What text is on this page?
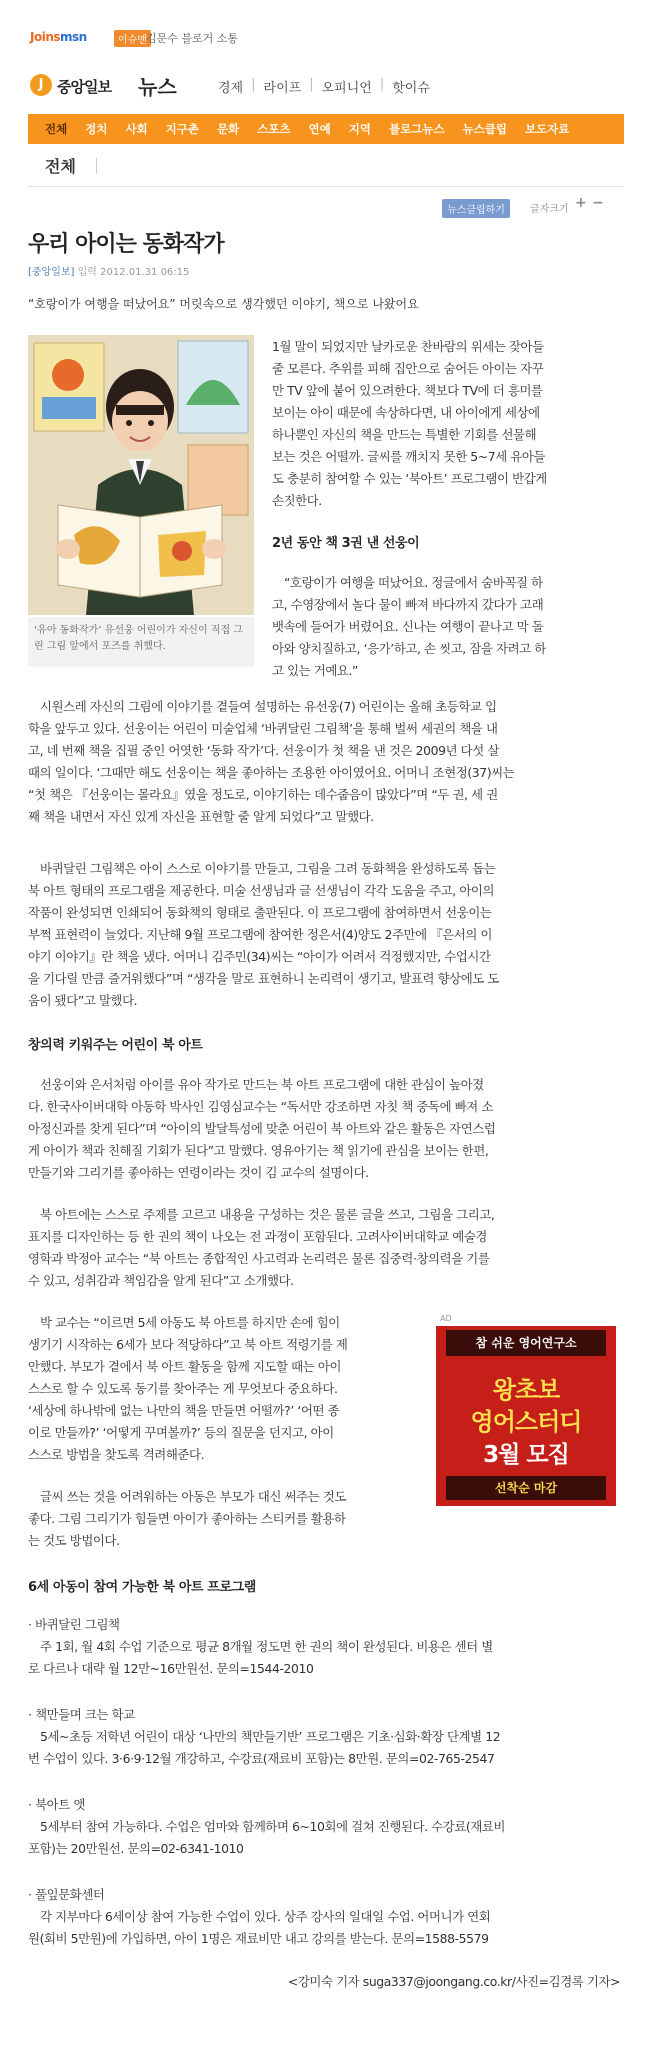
Joinsmsn	이슈맨 김문수 블로거 소통
J 중앙일보 뉴스	경제 | 라이프 | 오피니언 | 핫이슈
전체	정치	사회	지구촌	문화	스포츠	연예	지역	블로그뉴스	뉴스클립	보도자료
전체
뉴스클립하기	글자크기 + −
우리 아이는 동화작가
[중앙일보] 입력 2012.01.31 06:15
“호랑이가 여행을 떠났어요” 머릿속으로 생각했던 이야기, 책으로 나왔어요
‘유아 동화작가’ 유선웅 어린이가 자신이 직접 그린 그림 앞에서 포즈를 취했다.
1월 말이 되었지만 날카로운 찬바람의 위세는 잦아들
줄 모른다. 추위를 피해 집안으로 숨어든 아이는 자꾸
만 TV 앞에 붙어 있으려한다. 책보다 TV에 더 흥미를
보이는 아이 때문에 속상하다면, 내 아이에게 세상에
하나뿐인 자신의 책을 만드는 특별한 기회를 선물해
보는 것은 어떨까. 글씨를 깨치지 못한 5~7세 유아들
도 충분히 참여할 수 있는 ‘북아트’ 프로그램이 반갑게
손짓한다.
2년 동안 책 3권 낸 선웅이
“호랑이가 여행을 떠났어요. 정글에서 숨바꼭질 하
고, 수영장에서 놀다 물이 빠져 바다까지 갔다가 고래
뱃속에 들어가 버렸어요. 신나는 여행이 끝나고 막 돌
아와 양치질하고, ‘응가’하고, 손 씻고, 잠을 자려고 하
고 있는 거예요.”
시원스레 자신의 그림에 이야기를 곁들여 설명하는 유선웅(7) 어린이는 올해 초등학교 입
학을 앞두고 있다. 선웅이는 어린이 미술업체 ‘바퀴달린 그림책’을 통해 벌써 세권의 책을 내
고, 네 번째 책을 집필 중인 어엿한 ‘동화 작가’다. 선웅이가 첫 책을 낸 것은 2009년 다섯 살
때의 일이다. ‘그때만 해도 선웅이는 책을 좋아하는 조용한 아이였어요. 어머니 조현정(37)씨는
“첫 책은 『선웅이는 몰라요』였을 정도로, 이야기하는 데수줍음이 많았다”며 “두 권, 세 권
째 책을 내면서 자신 있게 자신을 표현할 줄 알게 되었다”고 말했다.
바퀴달린 그림책은 아이 스스로 이야기를 만들고, 그림을 그려 동화책을 완성하도록 돕는
북 아트 형태의 프로그램을 제공한다. 미술 선생님과 글 선생님이 각각 도움을 주고, 아이의
작품이 완성되면 인쇄되어 동화책의 형태로 출판된다. 이 프로그램에 참여하면서 선웅이는
부쩍 표현력이 늘었다. 지난해 9월 프로그램에 참여한 정은서(4)양도 2주만에 『은서의 이
야기 이야기』란 책을 냈다. 어머니 김주민(34)씨는 “아이가 어려서 걱정했지만, 수업시간
을 기다릴 만큼 즐거워했다”며 “생각을 말로 표현하니 논리력이 생기고, 발표력 향상에도 도
움이 됐다”고 말했다.
창의력 키워주는 어린이 북 아트
선웅이와 은서처럼 아이를 유아 작가로 만드는 북 아트 프로그램에 대한 관심이 높아졌
다. 한국사이버대학 아동학 박사인 김영심교수는 “독서만 강조하면 자칫 책 중독에 빠져 소
아정신과를 찾게 된다”며 “아이의 발달특성에 맞춘 어린이 북 아트와 같은 활동은 자연스럽
게 아이가 책과 친해질 기회가 된다”고 말했다. 영유아기는 책 읽기에 관심을 보이는 한편,
만들기와 그리기를 좋아하는 연령이라는 것이 김 교수의 설명이다.
북 아트에는 스스로 주제를 고르고 내용을 구성하는 것은 물론 글을 쓰고, 그림을 그리고,
표지를 디자인하는 등 한 권의 책이 나오는 전 과정이 포함된다. 고려사이버대학교 예술경
영학과 박정아 교수는 “북 아트는 종합적인 사고력과 논리력은 물론 집중력·창의력을 기를
수 있고, 성취감과 책임감을 알게 된다”고 소개했다.
박 교수는 “이르면 5세 아동도 북 아트를 하지만 손에 힘이
생기기 시작하는 6세가 보다 적당하다”고 북 아트 적령기를 제
안했다. 부모가 곁에서 북 아트 활동을 함께 지도할 때는 아이
스스로 할 수 있도록 동기를 찾아주는 게 무엇보다 중요하다.
‘세상에 하나밖에 없는 나만의 책을 만들면 어떨까?’ ‘어떤 종
이로 만들까?’ ‘어떻게 꾸며볼까?’ 등의 질문을 던지고, 아이
스스로 방법을 찾도록 격려해준다.
글씨 쓰는 것을 어려워하는 아동은 부모가 대신 써주는 것도
좋다. 그림 그리기가 힘들면 아이가 좋아하는 스티커를 활용하
는 것도 방법이다.
AD
참 쉬운 영어연구소
왕초보
영어스터디
3월 모집
선착순 마감
6세 아동이 참여 가능한 북 아트 프로그램
· 바퀴달린 그림책
주 1회, 월 4회 수업 기준으로 평균 8개월 정도면 한 권의 책이 완성된다. 비용은 센터 별
로 다르나 대략 월 12만~16만원선. 문의=1544-2010
· 책만들며 크는 학교
5세~초등 저학년 어린이 대상 ‘나만의 책만들기반’ 프로그램은 기초·심화·확장 단계별 12
번 수업이 있다. 3·6·9·12월 개강하고, 수강료(재료비 포함)는 8만원. 문의=02-765-2547
· 북아트 앳
5세부터 참여 가능하다. 수업은 엄마와 함께하며 6~10회에 걸쳐 진행된다. 수강료(재료비
포함)는 20만원선. 문의=02-6341-1010
· 풀잎문화센터
각 지부마다 6세이상 참여 가능한 수업이 있다. 상주 강사의 일대일 수업. 어머니가 연회
원(회비 5만원)에 가입하면, 아이 1명은 재료비만 내고 강의를 받는다. 문의=1588-5579
<강미숙 기자 suga337@joongang.co.kr/사진=김경록 기자>
